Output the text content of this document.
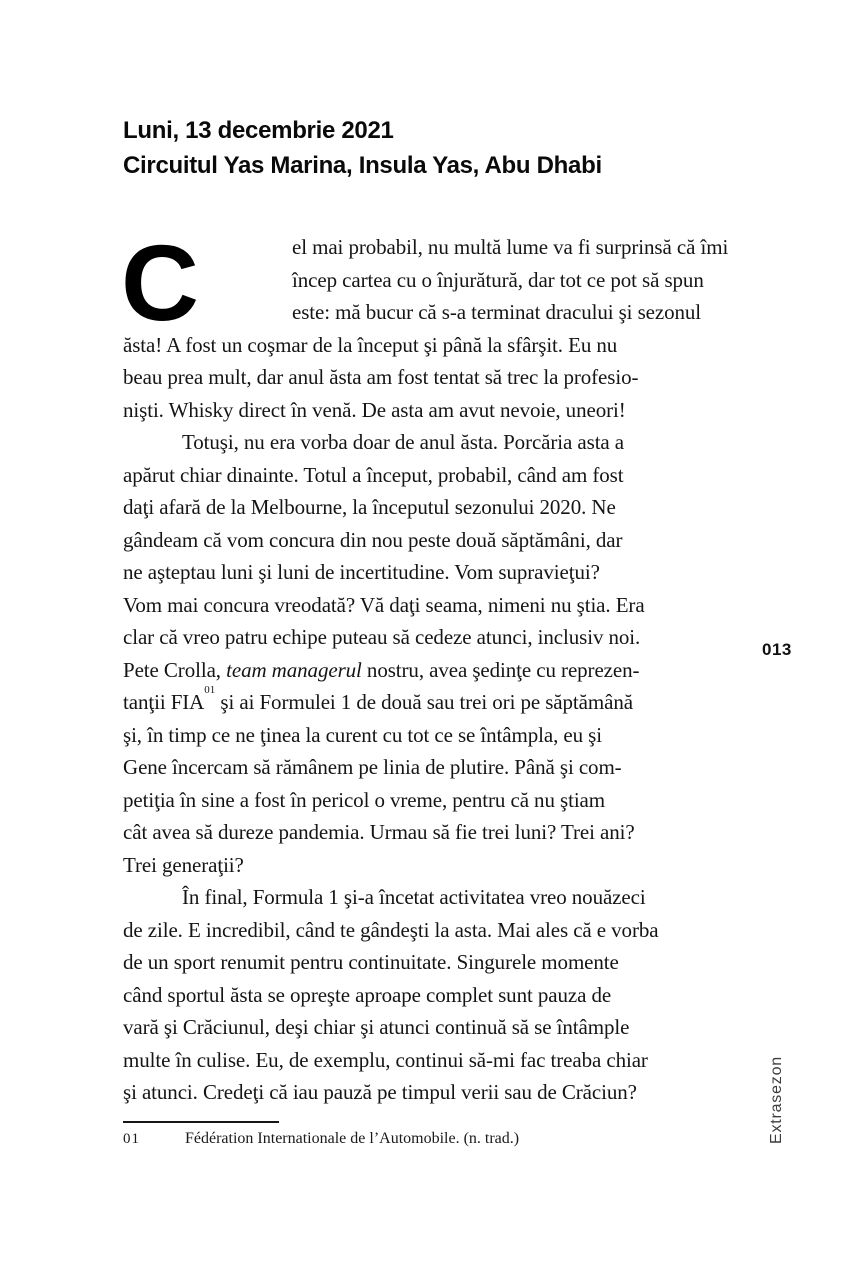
Luni, 13 decembrie 2021
Circuitul Yas Marina, Insula Yas, Abu Dhabi
C	el mai probabil, nu multă lume va fi surprinsă că îmi
încep cartea cu o înjurătură, dar tot ce pot să spun
este: mă bucur că s-a terminat dracului şi sezonul
ăsta! A fost un coşmar de la început şi până la sfârşit. Eu nu
beau prea mult, dar anul ăsta am fost tentat să trec la profesio-
nişti. Whisky direct în venă. De asta am avut nevoie, uneori!
Totuşi, nu era vorba doar de anul ăsta. Porcăria asta a
apărut chiar dinainte. Totul a început, probabil, când am fost
daţi afară de la Melbourne, la începutul sezonului 2020. Ne
gândeam că vom concura din nou peste două săptămâni, dar
ne aşteptau luni şi luni de incertitudine. Vom supravieţui?
Vom mai concura vreodată? Vă daţi seama, nimeni nu ştia. Era
clar că vreo patru echipe puteau să cedeze atunci, inclusiv noi.
Pete Crolla, team managerul nostru, avea şedinţe cu reprezen-
tanţii FIA$^{01}$ şi ai Formulei 1 de două sau trei ori pe săptămână
şi, în timp ce ne ţinea la curent cu tot ce se întâmpla, eu şi
Gene încercam să rămânem pe linia de plutire. Până şi com-
petiţia în sine a fost în pericol o vreme, pentru că nu ştiam
cât avea să dureze pandemia. Urmau să fie trei luni? Trei ani?
Trei generaţii?
În final, Formula 1 şi-a încetat activitatea vreo nouăzeci
de zile. E incredibil, când te gândeşti la asta. Mai ales că e vorba
de un sport renumit pentru continuitate. Singurele momente
când sportul ăsta se opreşte aproape complet sunt pauza de
vară şi Crăciunul, deşi chiar şi atunci continuă să se întâmple
multe în culise. Eu, de exemplu, continui să-mi fac treaba chiar
şi atunci. Credeţi că iau pauză pe timpul verii sau de Crăciun?
013
Extrasezon
01	Fédération Internationale de l’Automobile. (n. trad.)
